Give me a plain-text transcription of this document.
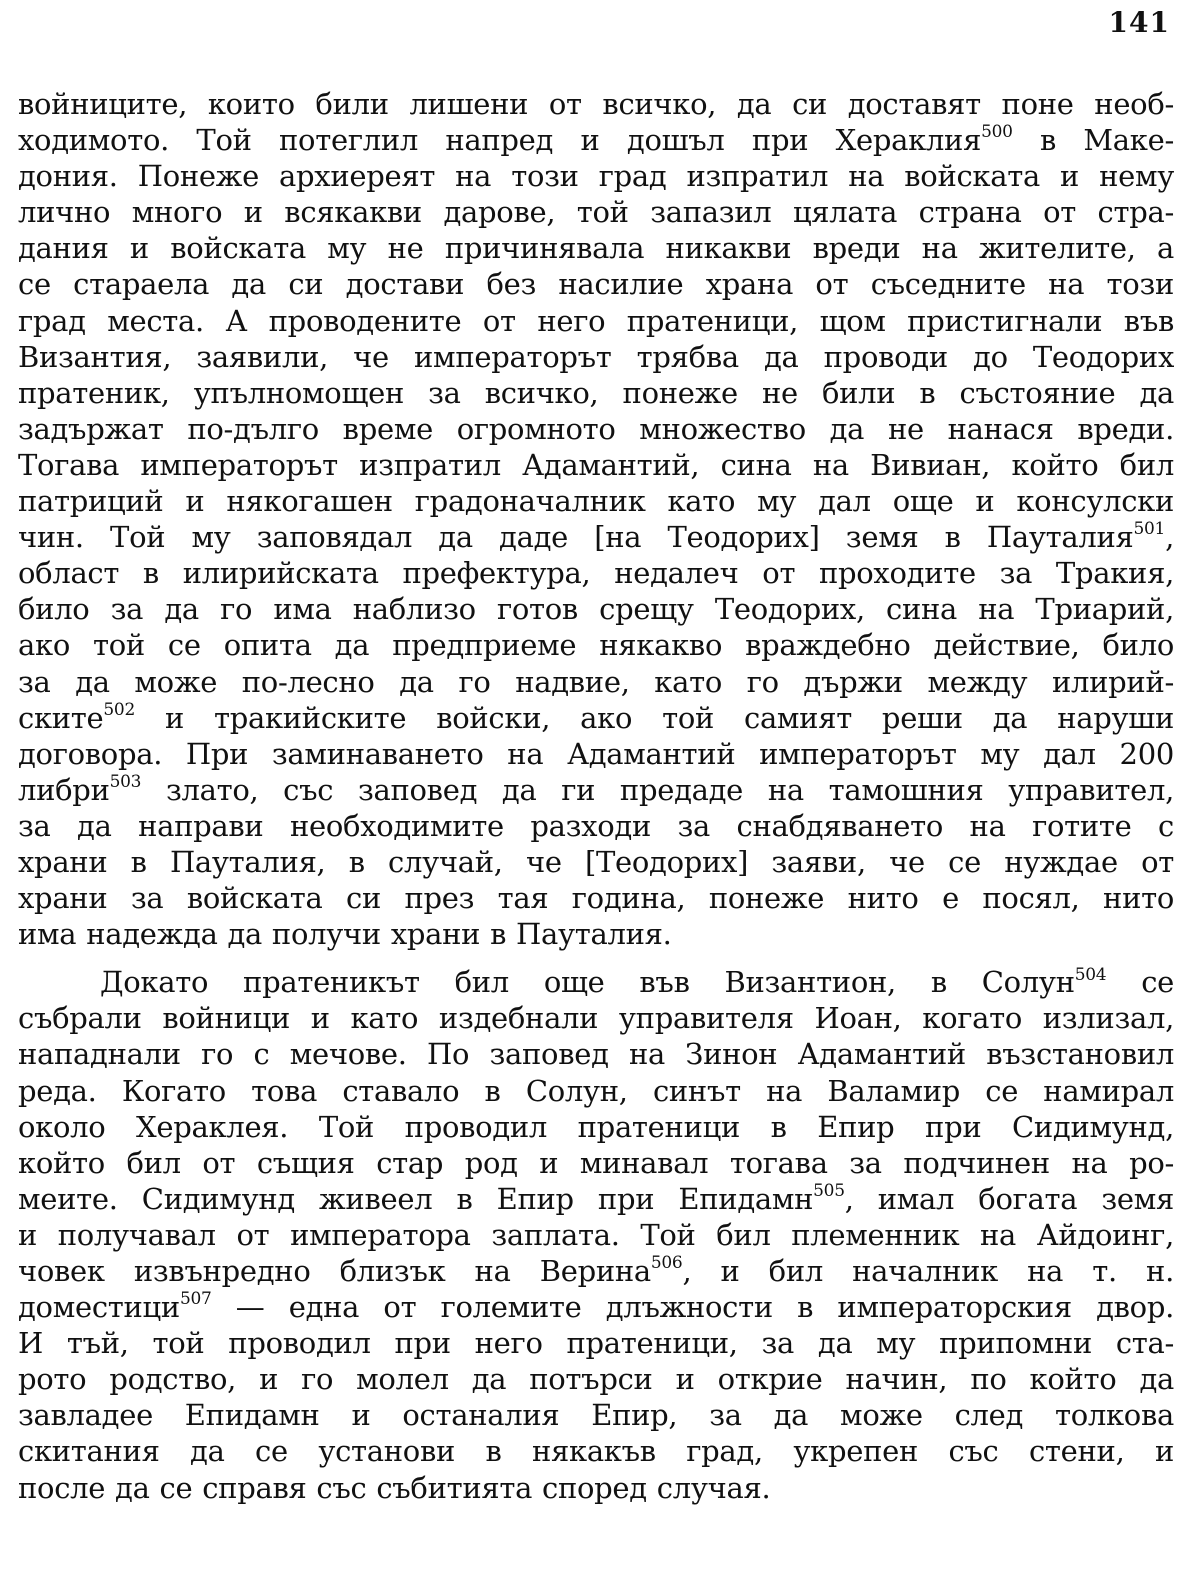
141

войниците, които били лишени от всичко, да си доставят поне необ-
ходимото. Той потеглил напред и дошъл при Хераклия$^{500}$ в Маке-
дония. Понеже архиереят на този град изпратил на войската и нему
лично много и всякакви дарове, той запазил цялата страна от стра-
дания и войската му не причинявала никакви вреди на жителите, а
се стараела да си достави без насилие храна от съседните на този
град места. А проводените от него пратеници, щом пристигнали във
Византия, заявили, че императорът трябва да проводи до Теодорих
пратеник, упълномощен за всичко, понеже не били в състояние да
задържат по-дълго време огромното множество да не нанася вреди.
Тогава императорът изпратил Адамантий, сина на Вивиан, който бил
патриций и някогашен градоначалник като му дал още и консулски
чин. Той му заповядал да даде [на Теодорих] земя в Пауталия$^{501}$,
област в илирийската префектура, недалеч от проходите за Тракия,
било за да го има наблизо готов срещу Теодорих, сина на Триарий,
ако той се опита да предприеме някакво враждебно действие, било
за да може по-лесно да го надвие, като го държи между илирий-
ските$^{502}$ и тракийските войски, ако той самият реши да наруши
договора. При заминаването на Адамантий императорът му дал 200
либри$^{503}$ злато, със заповед да ги предаде на тамошния управител,
за да направи необходимите разходи за снабдяването на готите с
храни в Пауталия, в случай, че [Теодорих] заяви, че се нуждае от
храни за войската си през тая година, понеже нито е посял, нито
има надежда да получи храни в Пауталия.

Докато пратеникът бил още във Византион, в Солун$^{504}$ се
събрали войници и като издебнали управителя Иоан, когато излизал,
нападнали го с мечове. По заповед на Зинон Адамантий възстановил
реда. Когато това ставало в Солун, синът на Валамир се намирал
около Хераклея. Той проводил пратеници в Епир при Сидимунд,
който бил от същия стар род и минавал тогава за подчинен на ро-
меите. Сидимунд живеел в Епир при Епидамн$^{505}$, имал богата земя
и получавал от императора заплата. Той бил племенник на Айдоинг,
човек извънредно близък на Верина$^{506}$, и бил началник на т. н.
доместици$^{507}$ — една от големите длъжности в императорския двор.
И тъй, той проводил при него пратеници, за да му припомни ста-
рото родство, и го молел да потърси и открие начин, по който да
завладее Епидамн и останалия Епир, за да може след толкова
скитания да се установи в някакъв град, укрепен със стени, и
после да се справя със събитията според случая.
